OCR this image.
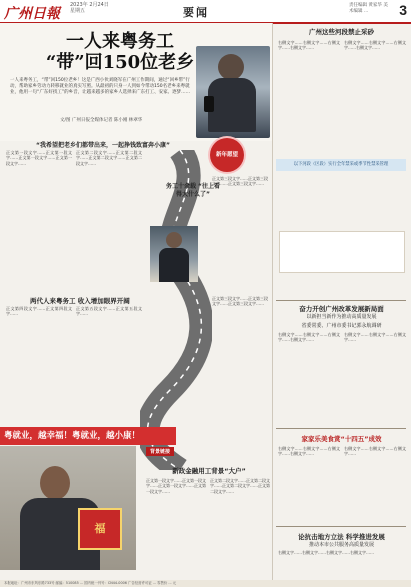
广州日報
2023年 2月24日 星期五	要闻
责任编辑 黄家华 美术编辑 ...	3
一人来粤务工
“带”回150位老乡
一人来粤务工，“带”回150位老乡！这是广西小伙刘晓军在广州工作期间，通过“回乡带”行动，帮助家乡劳动力转移就业的真实写照。从最初的只身一人到如今带动150名老乡来粤就业，他用一句“广东好找工”的乡音，让越来越多的家乡人选择来广东打工、安家、逐梦……
文/图 广州日报全媒体记者 陈小刚 林翠华
新年愿望
“我希望把老乡们都带出来，一起挣钱致富奔小康”
正文第一段文字……正文第一段文字……正文第一段文字……正文第一段文字……
正文第二段文字……正文第二段文字……正文第二段文字……正文第二段文字……
务工十余载 “往上看得大什么了”
正文第三段文字……正文第三段文字……正文第三段文字……
两代人来粤务工 收入增加眼界开阔
正文第四段文字……正文第四段文字……
正文第五段文字……正文第五段文字……
正文第三段文字……正文第三段文字……正文第三段文字……
粤就业，越幸福！粤就业，越小康！
福
背景链接
新政金融用工背景“大户”
正文第一段文字……正文第一段文字……正文第一段文字……正文第一段文字……
正文第二段文字……正文第二段文字……正文第二段文字……正文第二段文字……
广州这些河段禁止采砂
右侧文字……右侧文字……右侧文字……右侧文字……
右侧文字……右侧文字……右侧文字……右侧文字……
以下河段（区段）实行全年禁采或季节性禁采管理
奋力开创广州改革发展新局面
以新担当新作为推动高质量发展
省委常委、广州市委书记郭永航调研
右侧文字……右侧文字……右侧文字……右侧文字……
右侧文字……右侧文字……右侧文字……
家家乐美食赏“十四五”成效
右侧文字……右侧文字……右侧文字……右侧文字……
右侧文字……右侧文字……右侧文字……
论抗击地方立法 科学推进发展
推动本市公共服务高质量发展
右侧文字……右侧文字……右侧文字……右侧文字……
本报地址：广州市东风东路733号 邮编：510085 ... 国内统一刊号：CN44-0006 广告经营许可证 ... 零售价 ... 元
